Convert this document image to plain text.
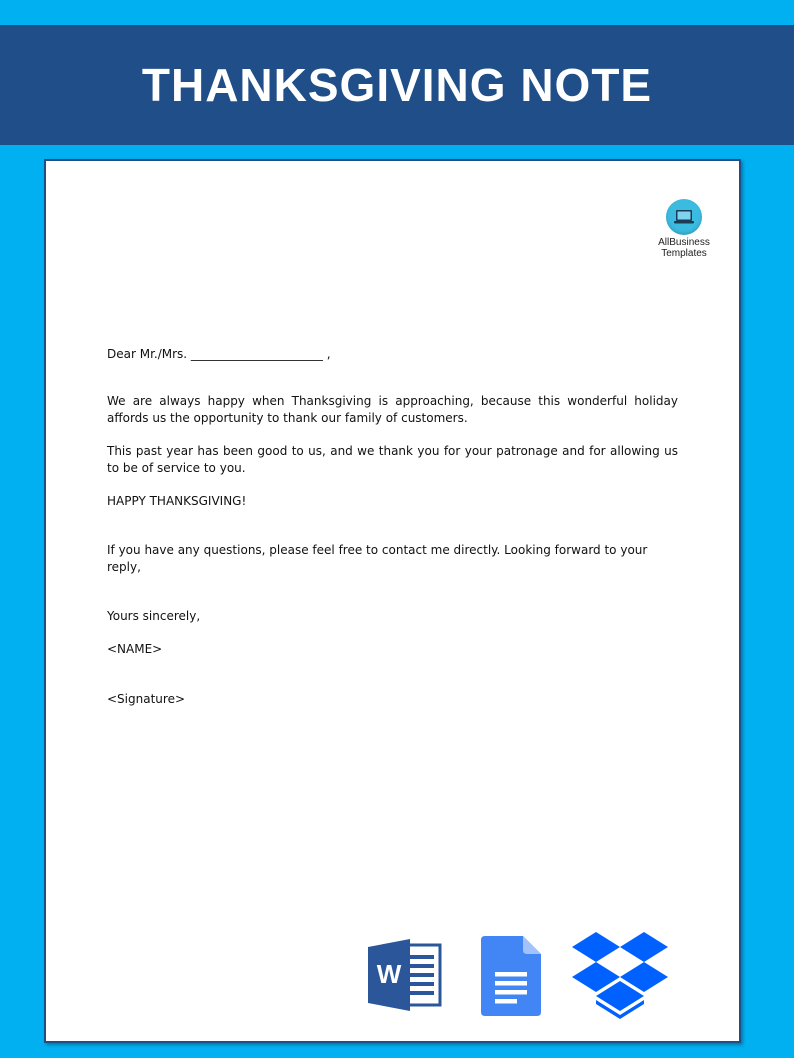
THANKSGIVING NOTE
AllBusiness
Templates

Dear Mr./Mrs. ______________________ ,

We are always happy when Thanksgiving is approaching, because this wonderful holiday affords us the opportunity to thank our family of customers.

This past year has been good to us, and we thank you for your patronage and for allowing us to be of service to you.

HAPPY THANKSGIVING!

If you have any questions, please feel free to contact me directly. Looking forward to your reply,

Yours sincerely,

<NAME>

<Signature>

W
